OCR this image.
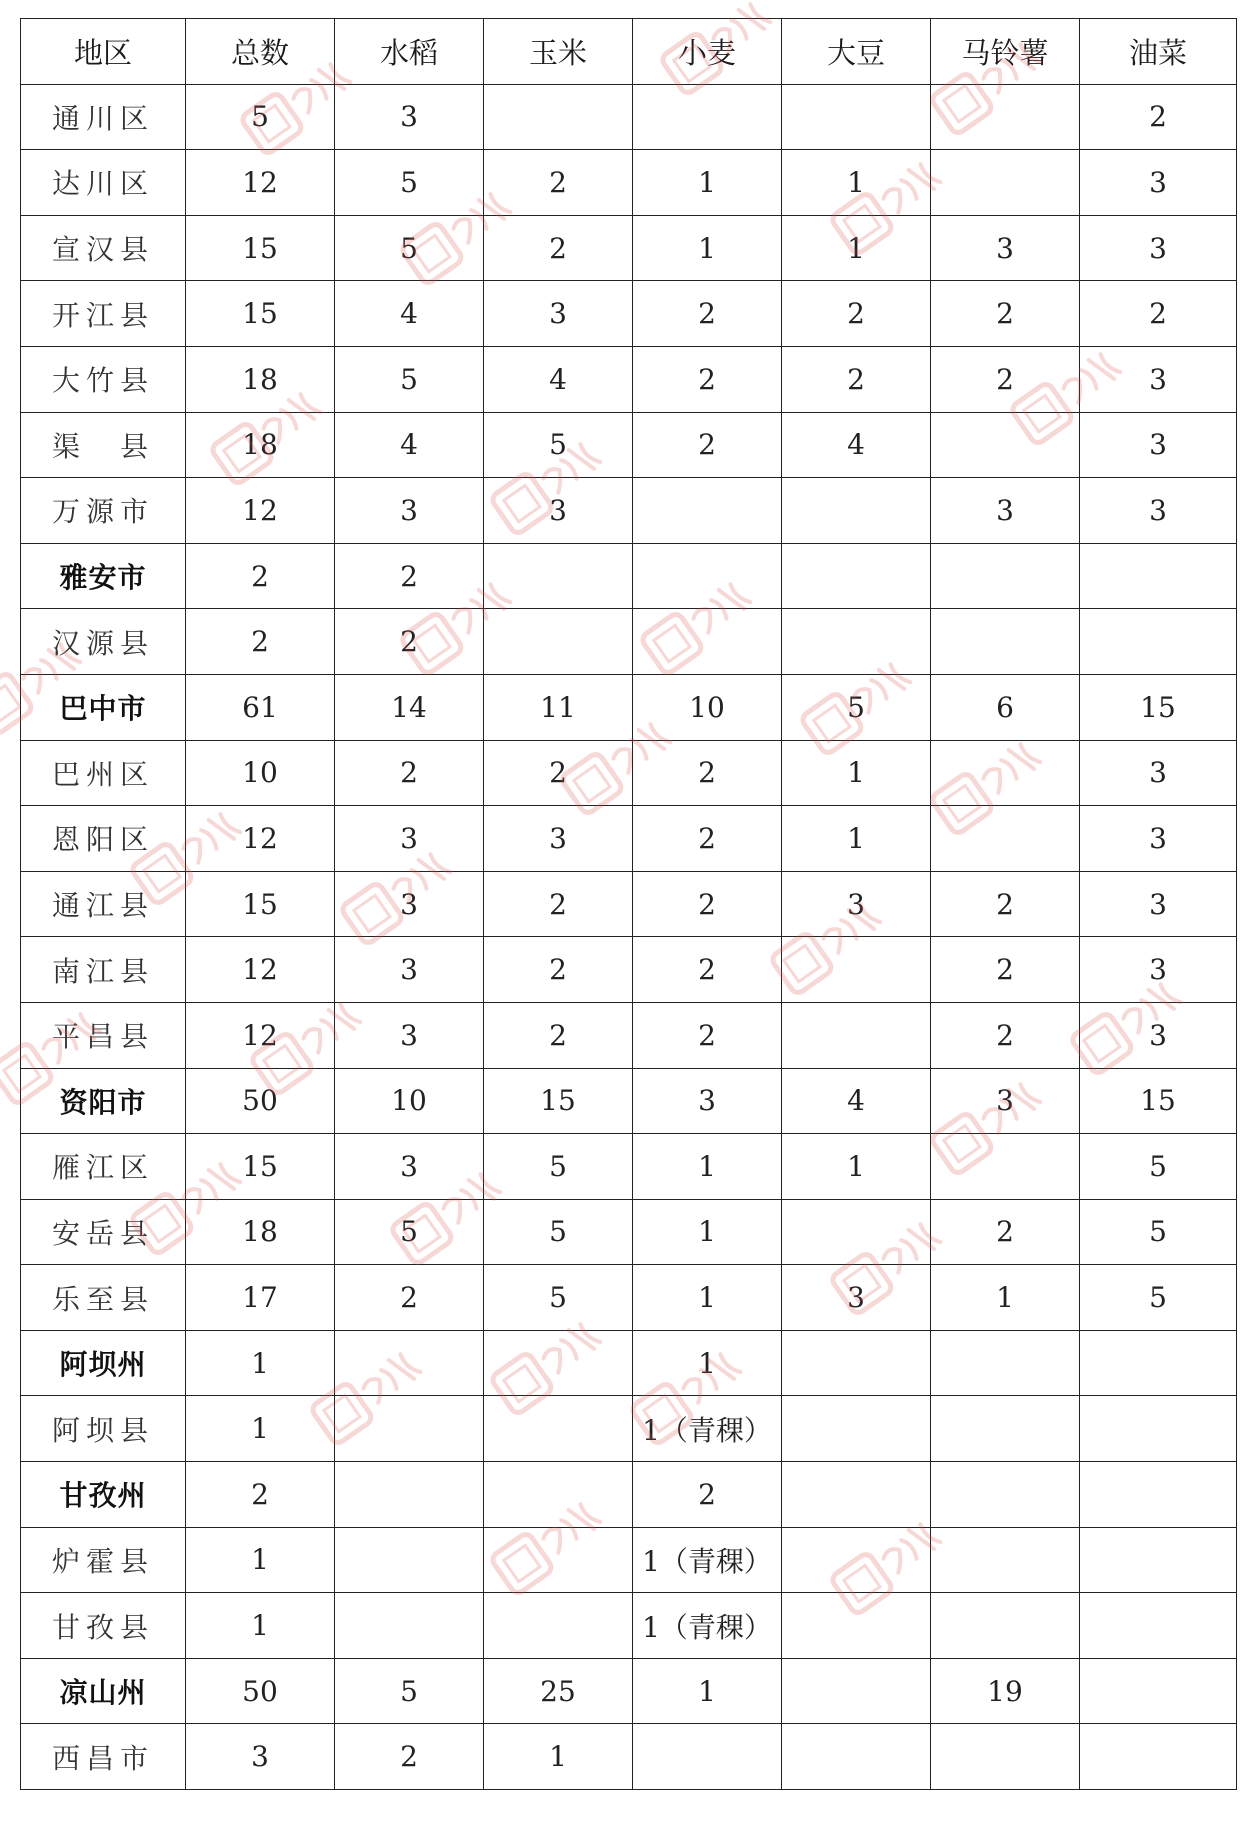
地区	总数	水稻	玉米	小麦	大豆	马铃薯	油菜
通川区	5	3					2
达川区	12	5	2	1	1		3
宣汉县	15	5	2	1	1	3	3
开江县	15	4	3	2	2	2	2
大竹县	18	5	4	2	2	2	3
渠　县	18	4	5	2	4		3
万源市	12	3	3			3	3
雅安市	2	2					
汉源县	2	2					
巴中市	61	14	11	10	5	6	15
巴州区	10	2	2	2	1		3
恩阳区	12	3	3	2	1		3
通江县	15	3	2	2	3	2	3
南江县	12	3	2	2		2	3
平昌县	12	3	2	2		2	3
资阳市	50	10	15	3	4	3	15
雁江区	15	3	5	1	1		5
安岳县	18	5	5	1		2	5
乐至县	17	2	5	1	3	1	5
阿坝州	1			1			
阿坝县	1			1（青稞）			
甘孜州	2			2			
炉霍县	1			1（青稞）			
甘孜县	1			1（青稞）			
凉山州	50	5	25	1		19	
西昌市	3	2	1				
